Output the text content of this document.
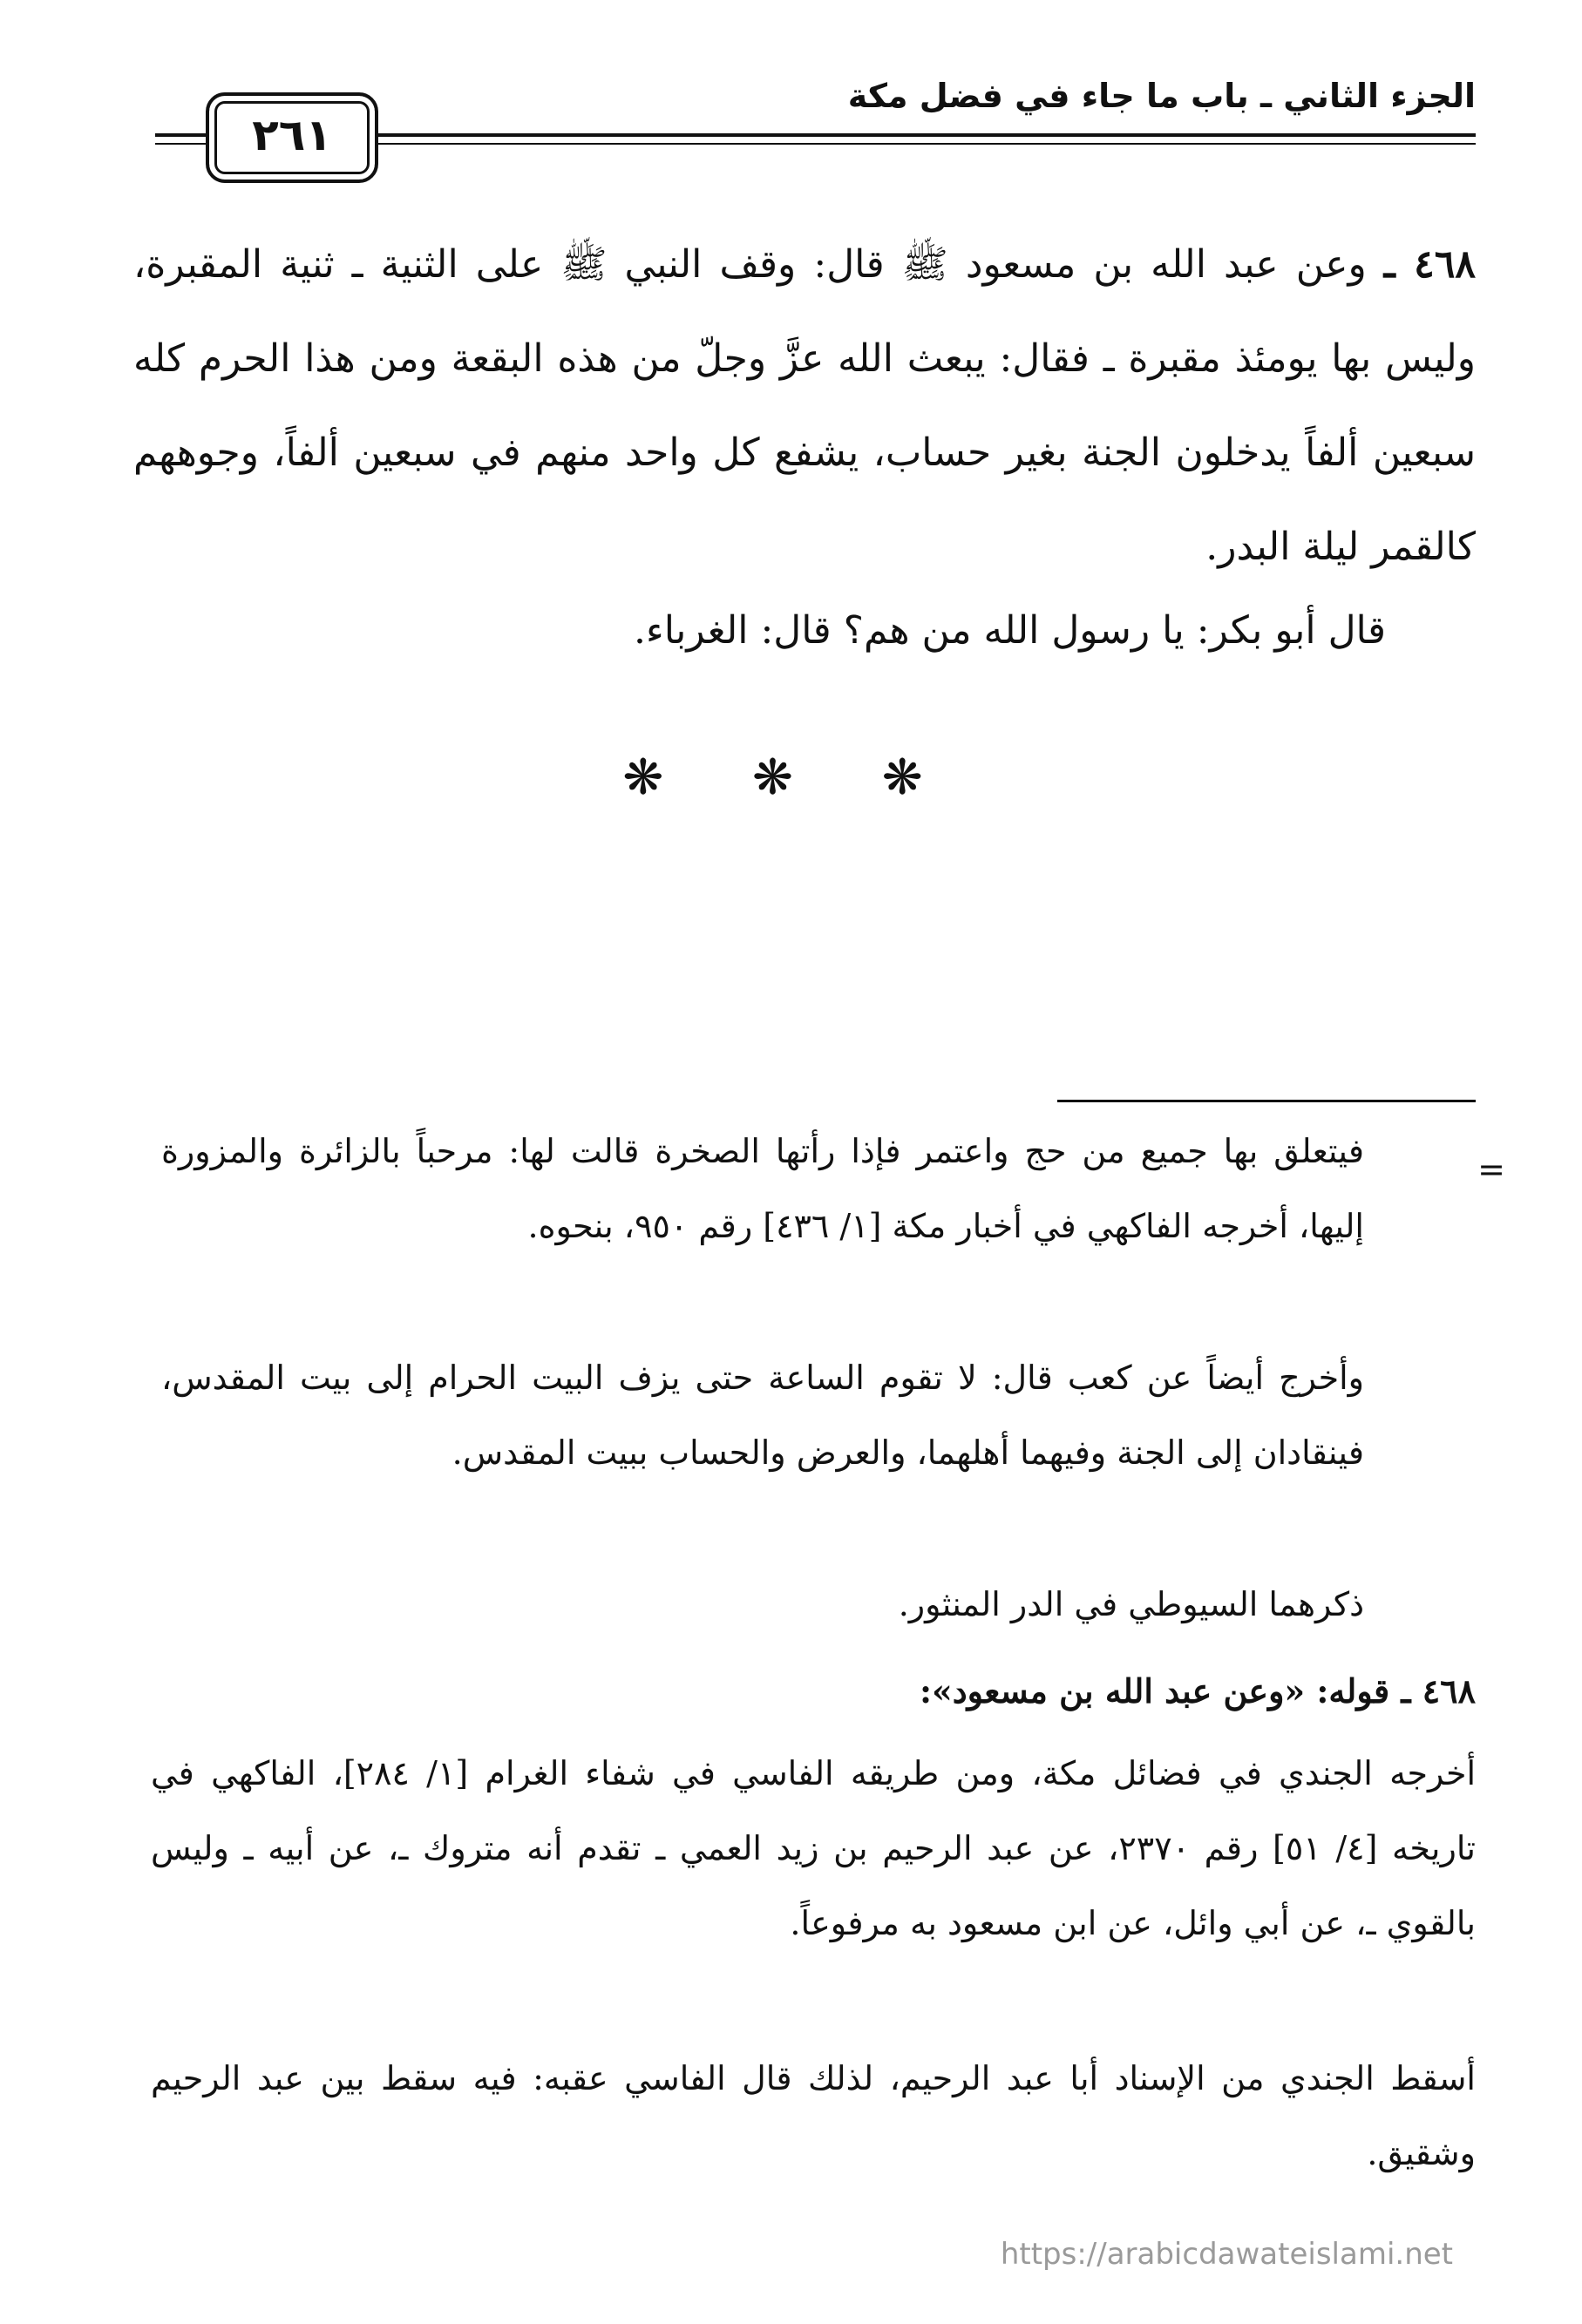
الجزء الثاني ـ باب ما جاء في فضل مكة
٢٦١
٤٦٨ ـ وعن عبد الله بن مسعود ﷺ قال: وقف النبي ﷺ على الثنية ـ ثنية المقبرة، وليس بها يومئذ مقبرة ـ فقال: يبعث الله عزَّ وجلّ من هذه البقعة ومن هذا الحرم كله سبعين ألفاً يدخلون الجنة بغير حساب، يشفع كل واحد منهم في سبعين ألفاً، وجوههم كالقمر ليلة البدر.
قال أبو بكر: يا رسول الله من هم؟ قال: الغرباء.
❋ ❋ ❋
=
فيتعلق بها جميع من حج واعتمر فإذا رأتها الصخرة قالت لها: مرحباً بالزائرة والمزورة إليها، أخرجه الفاكهي في أخبار مكة [١/ ٤٣٦] رقم ٩٥٠، بنحوه.
وأخرج أيضاً عن كعب قال: لا تقوم الساعة حتى يزف البيت الحرام إلى بيت المقدس، فينقادان إلى الجنة وفيهما أهلهما، والعرض والحساب ببيت المقدس.
ذكرهما السيوطي في الدر المنثور.
٤٦٨ ـ قوله: «وعن عبد الله بن مسعود»:
أخرجه الجندي في فضائل مكة، ومن طريقه الفاسي في شفاء الغرام [١/ ٢٨٤]، الفاكهي في تاريخه [٤/ ٥١] رقم ٢٣٧٠، عن عبد الرحيم بن زيد العمي ـ تقدم أنه متروك ـ، عن أبيه ـ وليس بالقوي ـ، عن أبي وائل، عن ابن مسعود به مرفوعاً.
أسقط الجندي من الإسناد أبا عبد الرحيم، لذلك قال الفاسي عقبه: فيه سقط بين عبد الرحيم وشقيق.
https://arabicdawateislami.net
